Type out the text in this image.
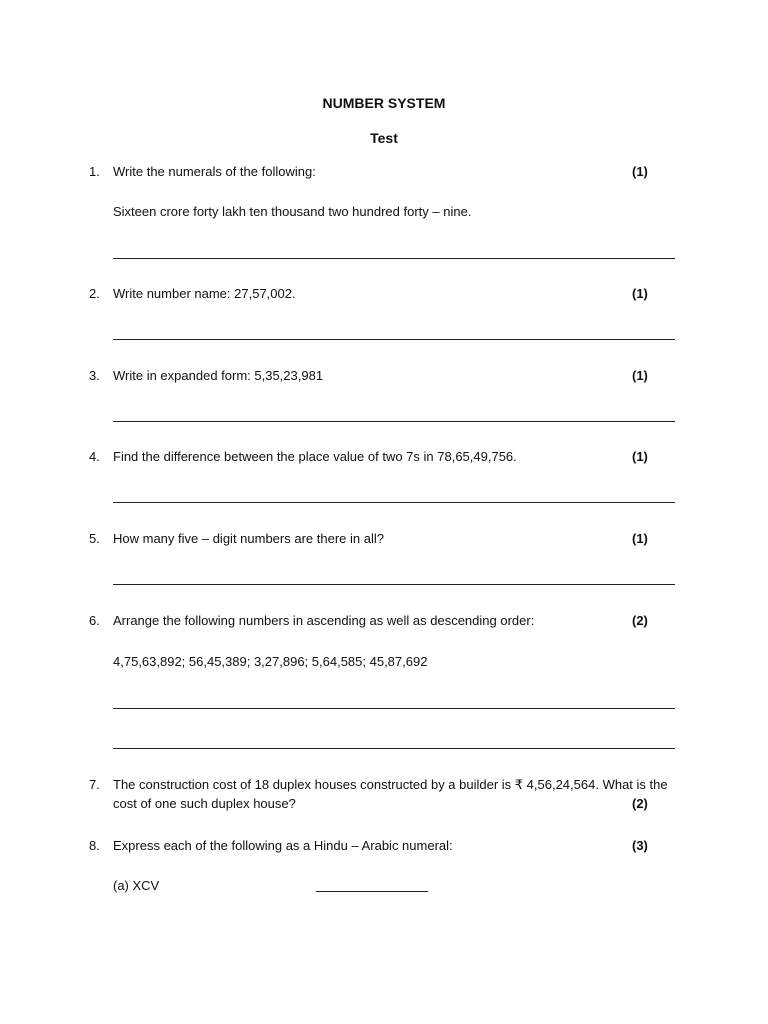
NUMBER SYSTEM
Test
1. Write the numerals of the following:	(1)
Sixteen crore forty lakh ten thousand two hundred forty – nine.
2. Write number name: 27,57,002.	(1)
3. Write in expanded form: 5,35,23,981	(1)
4. Find the difference between the place value of two 7s in 78,65,49,756.	(1)
5. How many five – digit numbers are there in all?	(1)
6. Arrange the following numbers in ascending as well as descending order:	(2)
4,75,63,892; 56,45,389; 3,27,896; 5,64,585; 45,87,692
7. The construction cost of 18 duplex houses constructed by a builder is ₹ 4,56,24,564. What is the cost of one such duplex house?	(2)
8. Express each of the following as a Hindu – Arabic numeral:	(3)
(a) XCV
